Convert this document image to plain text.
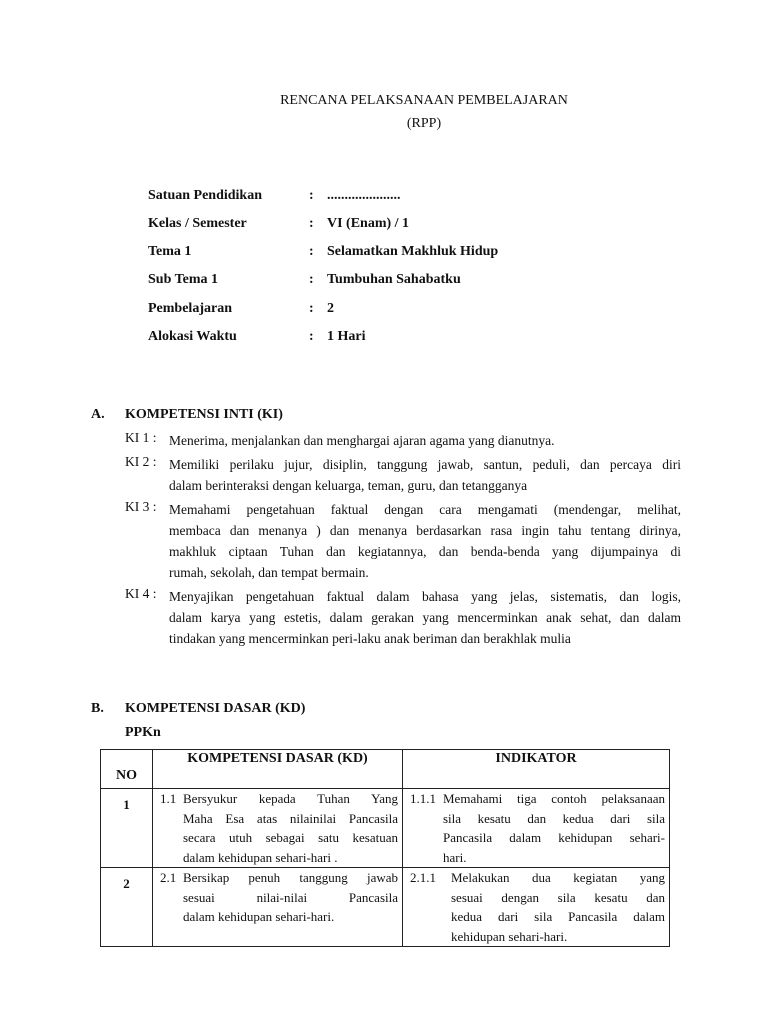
RENCANA PELAKSANAAN PEMBELAJARAN
(RPP)
Satuan Pendidikan	: .....................
Kelas / Semester	: VI (Enam) / 1
Tema 1	: Selamatkan Makhluk Hidup
Sub Tema 1	: Tumbuhan Sahabatku
Pembelajaran	: 2
Alokasi Waktu	: 1 Hari
A. KOMPETENSI INTI (KI)
KI 1 : Menerima, menjalankan dan menghargai ajaran agama yang dianutnya.
KI 2 : Memiliki perilaku jujur, disiplin, tanggung jawab, santun, peduli, dan percaya diri
dalam berinteraksi dengan keluarga, teman, guru, dan tetangganya
KI 3 : Memahami pengetahuan faktual dengan cara mengamati (mendengar, melihat,
membaca dan menanya ) dan menanya berdasarkan rasa ingin tahu tentang dirinya,
makhluk ciptaan Tuhan dan kegiatannya, dan benda-benda yang dijumpainya di
rumah, sekolah, dan tempat bermain.
KI 4 : Menyajikan pengetahuan faktual dalam bahasa yang jelas, sistematis, dan logis,
dalam karya yang estetis, dalam gerakan yang mencerminkan anak sehat, dan dalam
tindakan yang mencerminkan peri-laku anak beriman dan berakhlak mulia
B. KOMPETENSI DASAR (KD)
PPKn
NO	KOMPETENSI DASAR (KD)	INDIKATOR
1	1.1 Bersyukur kepada Tuhan Yang
Maha Esa atas nilainilai Pancasila
secara utuh sebagai satu kesatuan
dalam kehidupan sehari-hari .	1.1.1 Memahami tiga contoh pelaksanaan
sila kesatu dan kedua dari sila
Pancasila dalam kehidupan sehari-
hari.

2	2.1 Bersikap penuh tanggung jawab
sesuai nilai-nilai Pancasila
dalam kehidupan sehari-hari.	2.1.1 Melakukan dua kegiatan yang
sesuai dengan sila kesatu dan
kedua dari sila Pancasila dalam
kehidupan sehari-hari.
